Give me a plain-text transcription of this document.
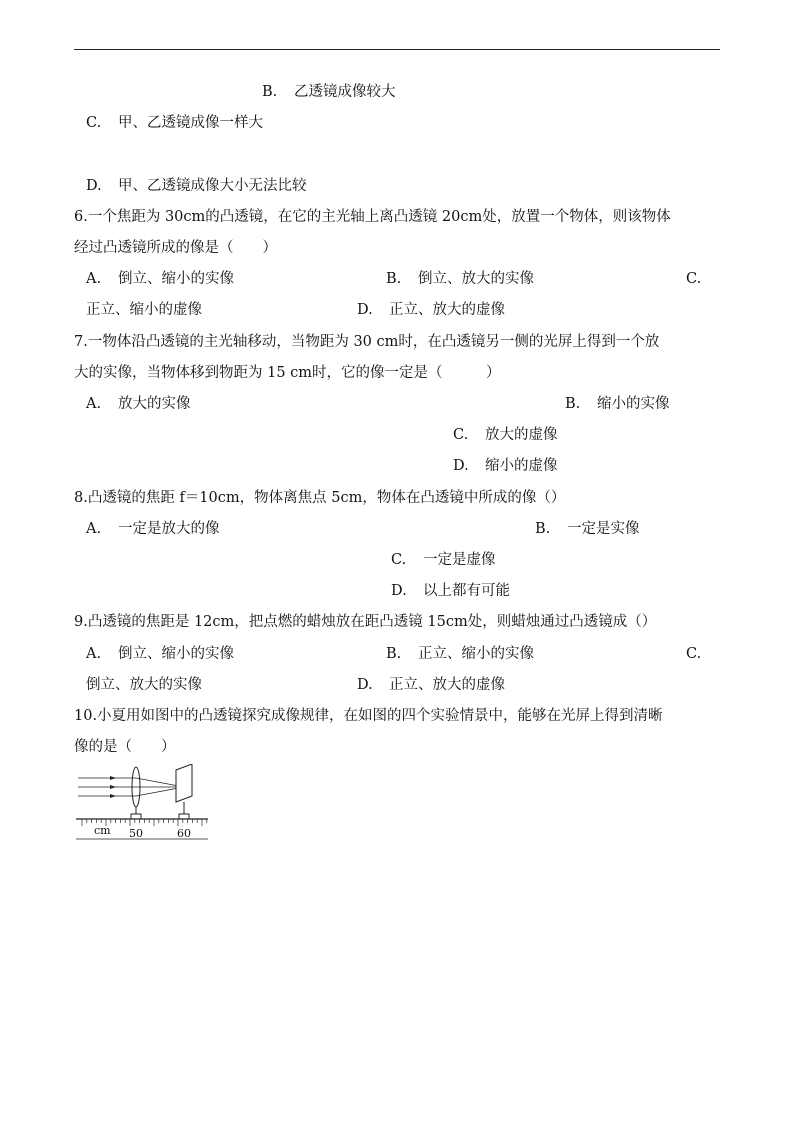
B. 乙透镜成像较大
C. 甲、乙透镜成像一样大
D. 甲、乙透镜成像大小无法比较
6.一个焦距为 30cm的凸透镜，在它的主光轴上离凸透镜 20cm处，放置一个物体，则该物体
经过凸透镜所成的像是（　　）
A. 倒立、缩小的实像	B. 倒立、放大的实像	C.
正立、缩小的虚像	D. 正立、放大的虚像
7.一物体沿凸透镜的主光轴移动，当物距为 30 cm时，在凸透镜另一侧的光屏上得到一个放
大的实像，当物体移到物距为 15 cm时，它的像一定是（　　　）
A. 放大的实像	B. 缩小的实像
C. 放大的虚像
D. 缩小的虚像
8.凸透镜的焦距 f＝10cm，物体离焦点 5cm，物体在凸透镜中所成的像（）
A. 一定是放大的像	B. 一定是实像
C. 一定是虚像
D. 以上都有可能
9.凸透镜的焦距是 12cm，把点燃的蜡烛放在距凸透镜 15cm处，则蜡烛通过凸透镜成（）
A. 倒立、缩小的实像	B. 正立、缩小的实像	C.
倒立、放大的实像	D. 正立、放大的虚像
10.小夏用如图中的凸透镜探究成像规律，在如图的四个实验情景中，能够在光屏上得到清晰
像的是（　　）
cm 50	60
